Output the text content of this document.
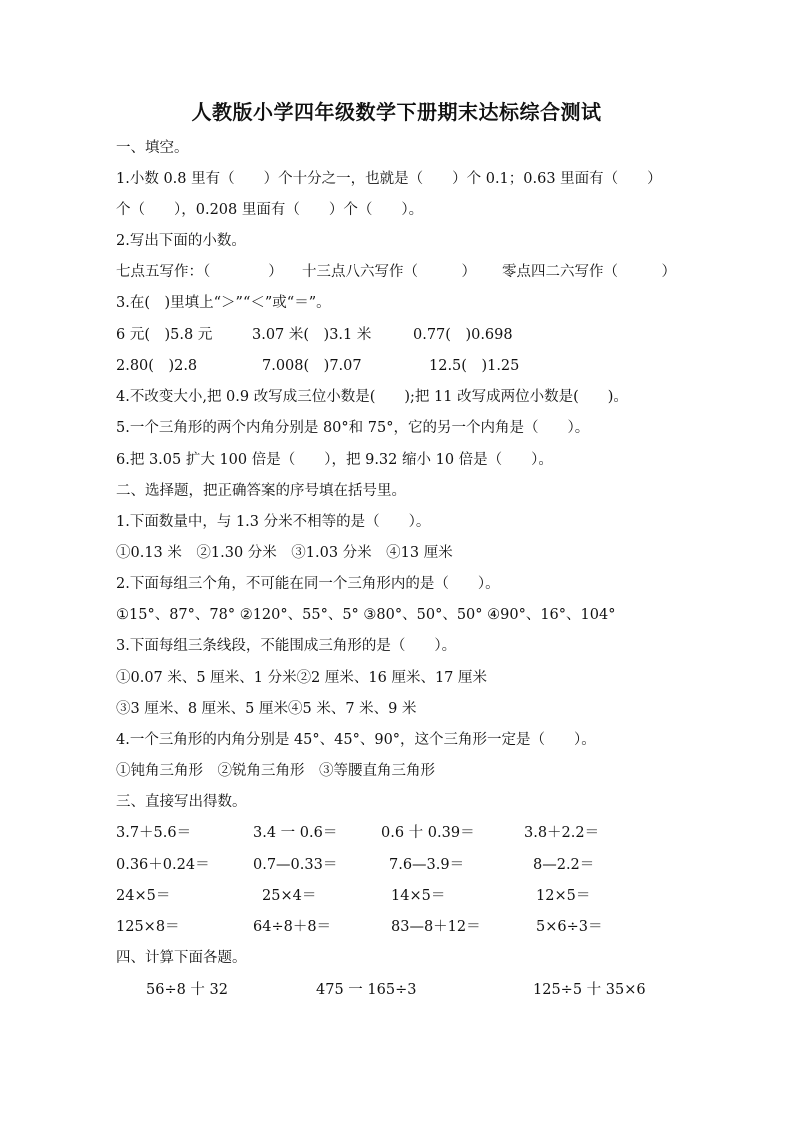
人教版小学四年级数学下册期末达标综合测试
一、填空。
1.小数 0.8 里有（　　）个十分之一，也就是（　　）个 0.1；0.63 里面有（　　）
个（　　），0.208 里面有（　　）个（　　）。
2.写出下面的小数。
七点五写作：（　　　　） 十三点八六写作（　　　） 零点四二六写作（　　　）
3.在(　)里填上“＞”“＜”或“＝”。
6 元(　)5.8 元	3.07 米(　)3.1 米	0.77(　)0.698
2.80(　)2.8	7.008(　)7.07	12.5(　)1.25
4.不改变大小,把 0.9 改写成三位小数是(　　);把 11 改写成两位小数是(　　)。
5.一个三角形的两个内角分别是 80°和 75°，它的另一个内角是（　　）。
6.把 3.05 扩大 100 倍是（　　），把 9.32 缩小 10 倍是（　　）。
二、选择题，把正确答案的序号填在括号里。
1.下面数量中，与 1.3 分米不相等的是（　　）。
①0.13 米　②1.30 分米　③1.03 分米　④13 厘米
2.下面每组三个角，不可能在同一个三角形内的是（　　）。
①15°、87°、78° ②120°、55°、5° ③80°、50°、50° ④90°、16°、104°
3.下面每组三条线段，不能围成三角形的是（　　）。
①0.07 米、5 厘米、1 分米②2 厘米、16 厘米、17 厘米
③3 厘米、8 厘米、5 厘米④5 米、7 米、9 米
4.一个三角形的内角分别是 45°、45°、90°，这个三角形一定是（　　）。
①钝角三角形　②锐角三角形　③等腰直角三角形
三、直接写出得数。
3.7＋5.6＝	3.4 一 0.6＝	0.6 十 0.39＝	3.8＋2.2＝
0.36＋0.24＝	0.7—0.33＝	7.6—3.9＝	8—2.2＝
24×5＝	25×4＝	14×5＝	12×5＝
125×8＝	64÷8＋8＝	83—8＋12＝	5×6÷3＝
四、计算下面各题。
56÷8 十 32	475 一 165÷3	125÷5 十 35×6
